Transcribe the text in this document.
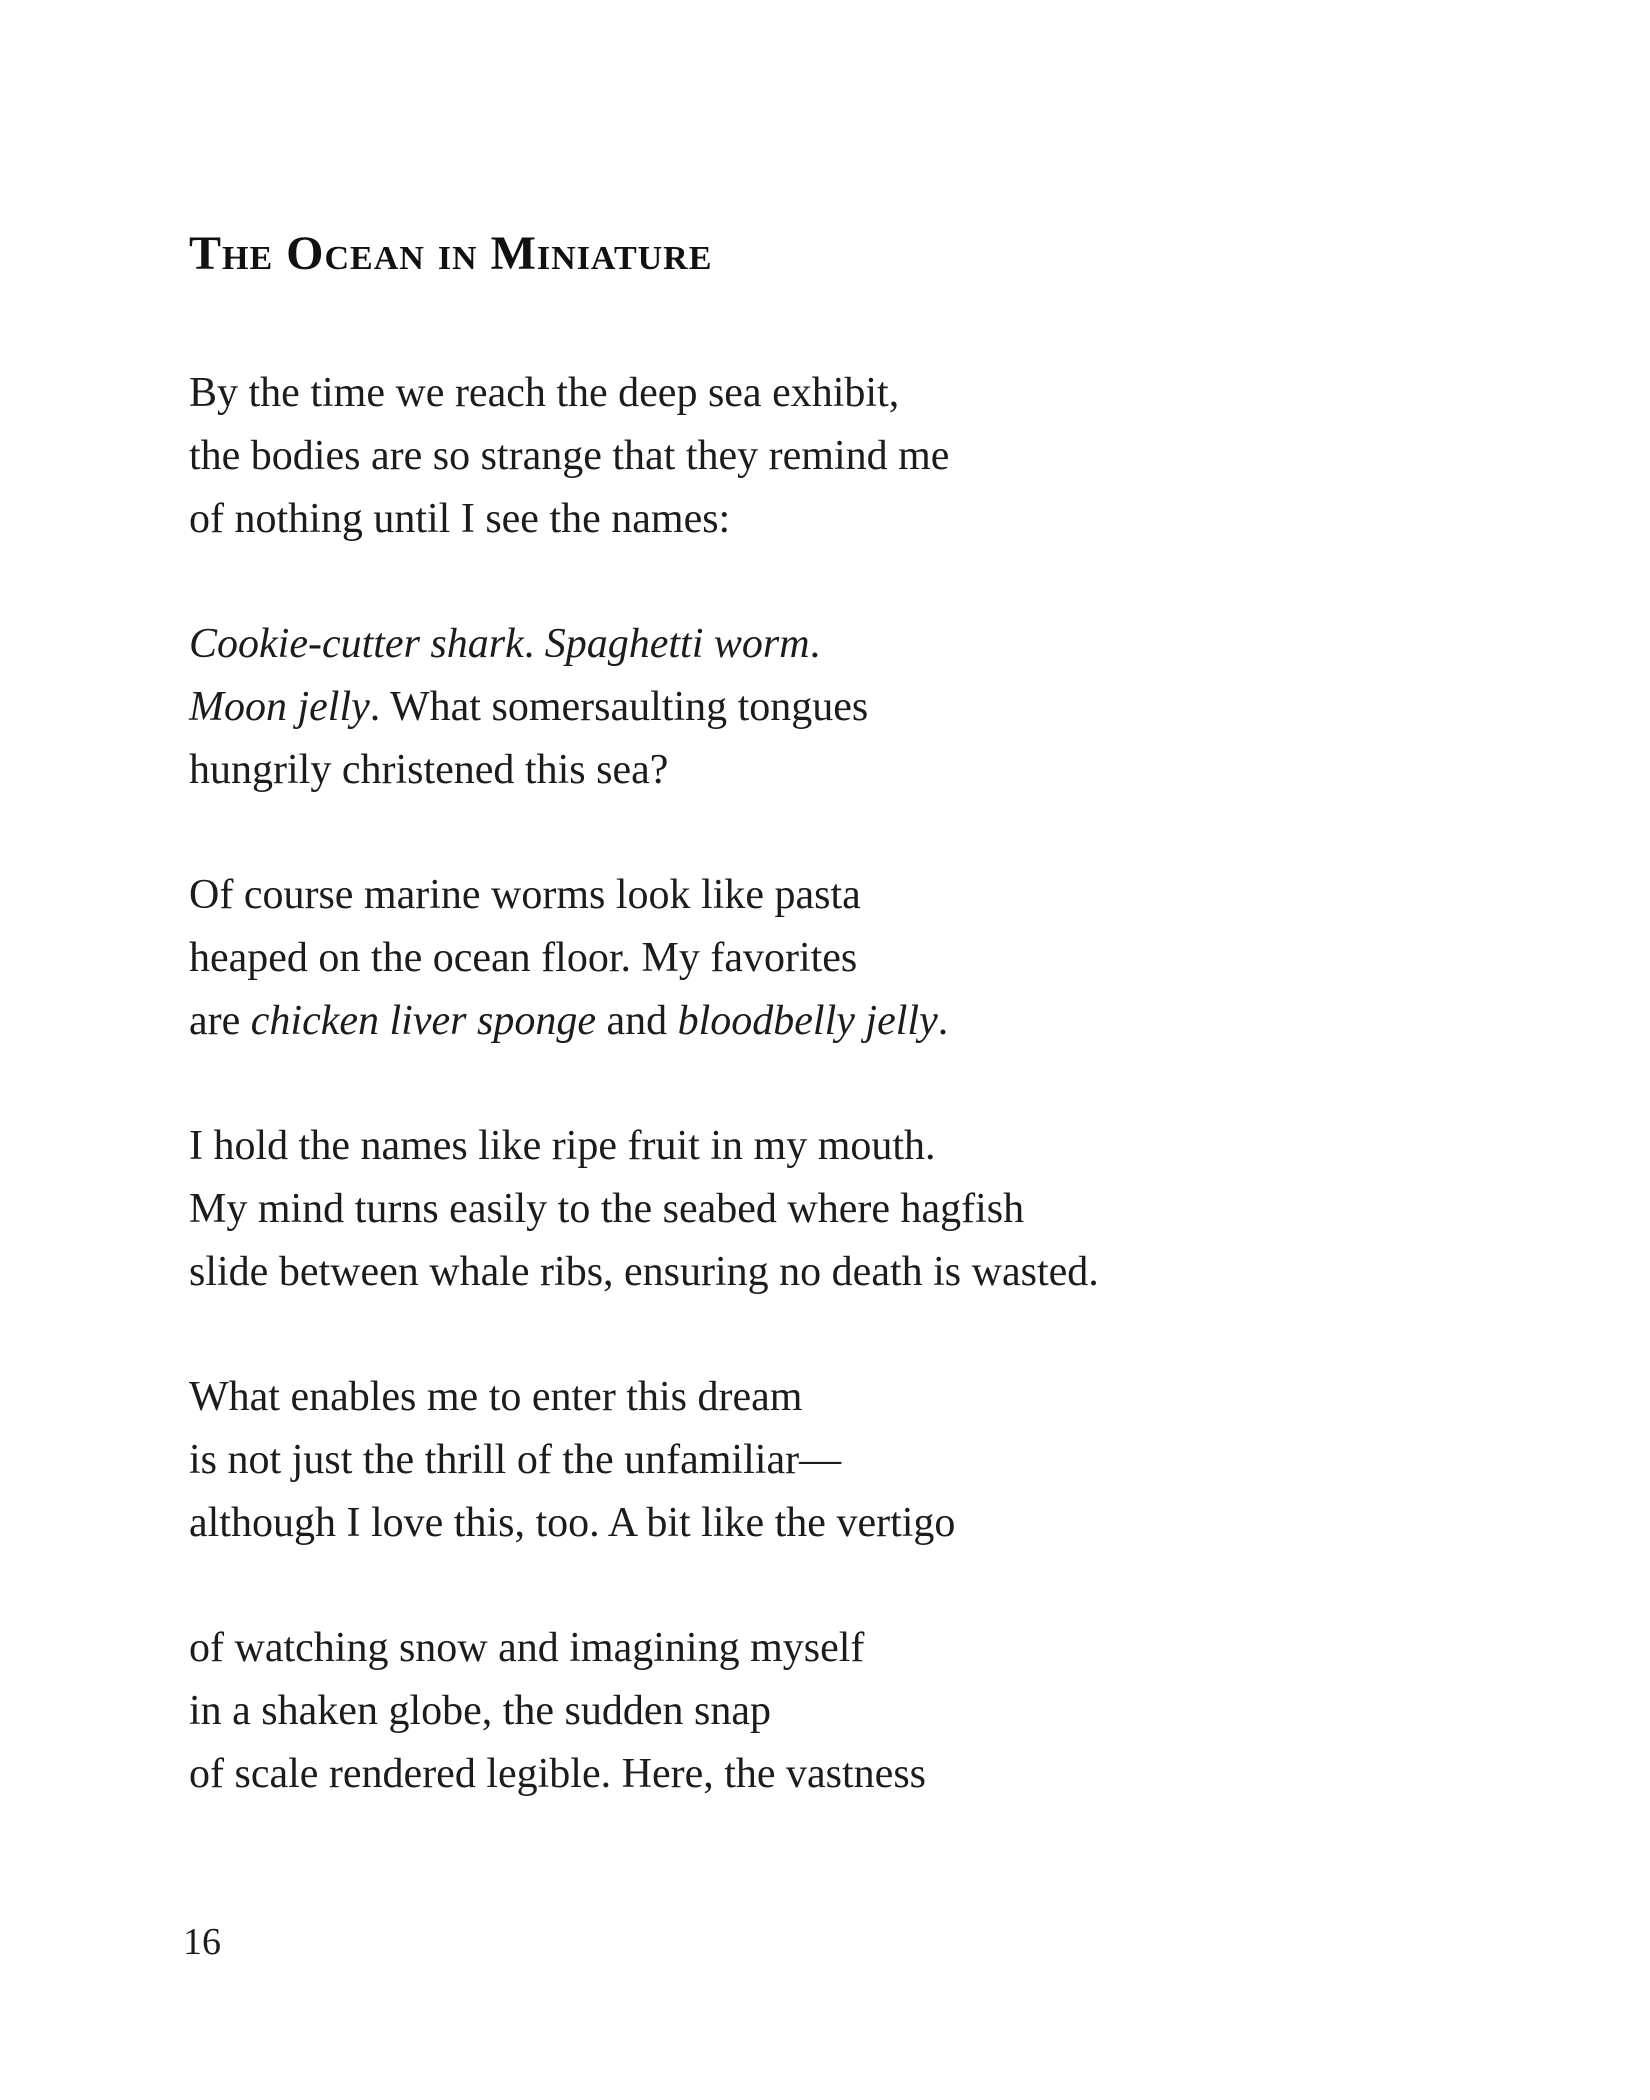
The Ocean in Miniature
By the time we reach the deep sea exhibit,
the bodies are so strange that they remind me
of nothing until I see the names:
Cookie-cutter shark. Spaghetti worm.
Moon jelly. What somersaulting tongues
hungrily christened this sea?
Of course marine worms look like pasta
heaped on the ocean floor. My favorites
are chicken liver sponge and bloodbelly jelly.
I hold the names like ripe fruit in my mouth.
My mind turns easily to the seabed where hagfish
slide between whale ribs, ensuring no death is wasted.
What enables me to enter this dream
is not just the thrill of the unfamiliar—
although I love this, too. A bit like the vertigo
of watching snow and imagining myself
in a shaken globe, the sudden snap
of scale rendered legible. Here, the vastness
16
